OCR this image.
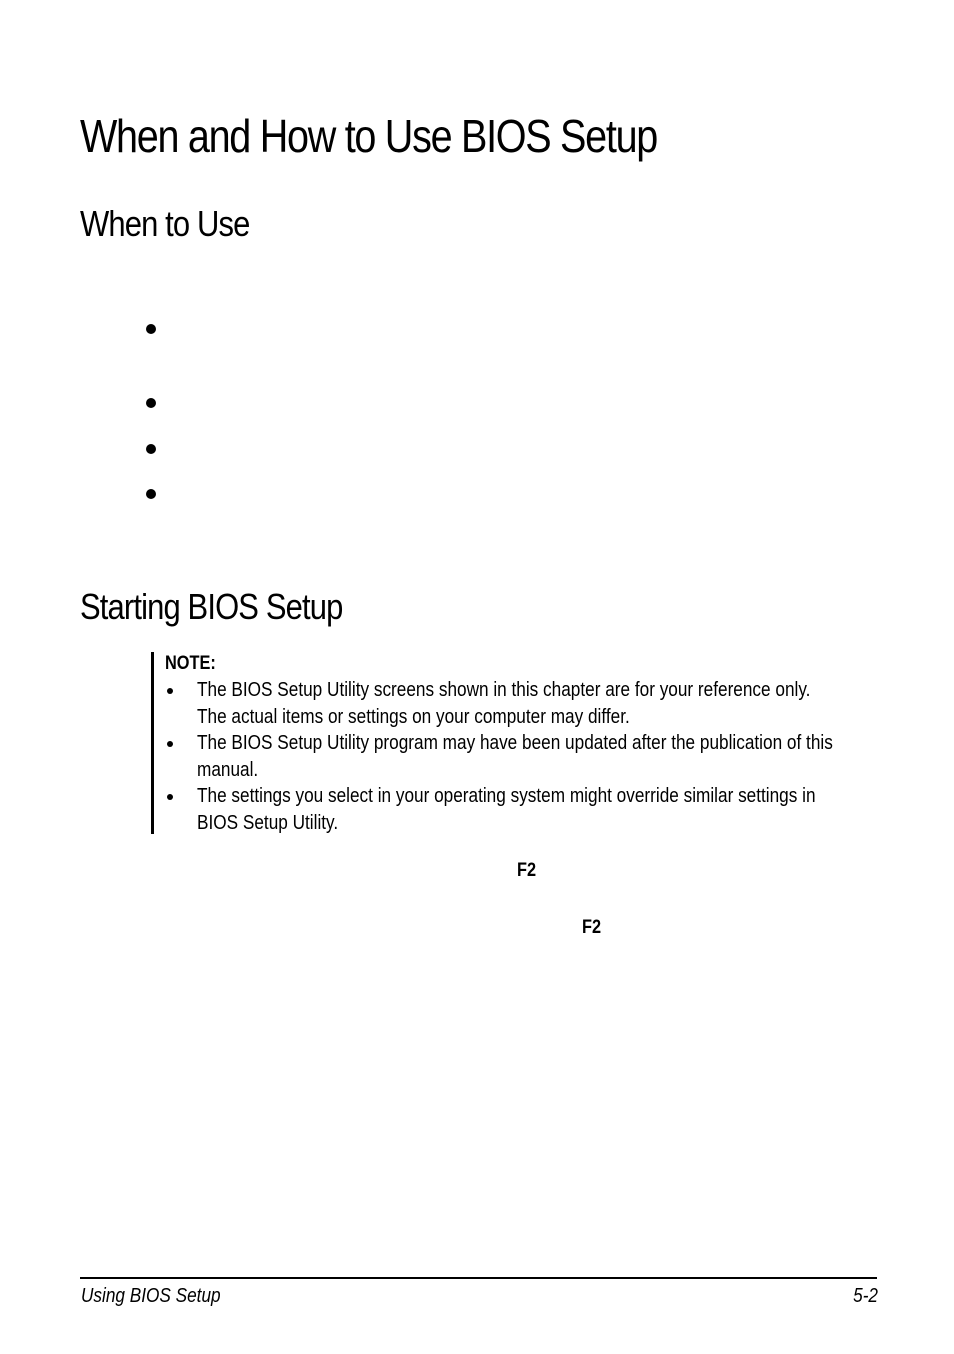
When and How to Use BIOS Setup
When to Use
Starting BIOS Setup
NOTE:
The BIOS Setup Utility screens shown in this chapter are for your reference only.
The actual items or settings on your computer may differ.
The BIOS Setup Utility program may have been updated after the publication of this
manual.
The settings you select in your operating system might override similar settings in
BIOS Setup Utility.
F2
F2
Using BIOS Setup	5-2
